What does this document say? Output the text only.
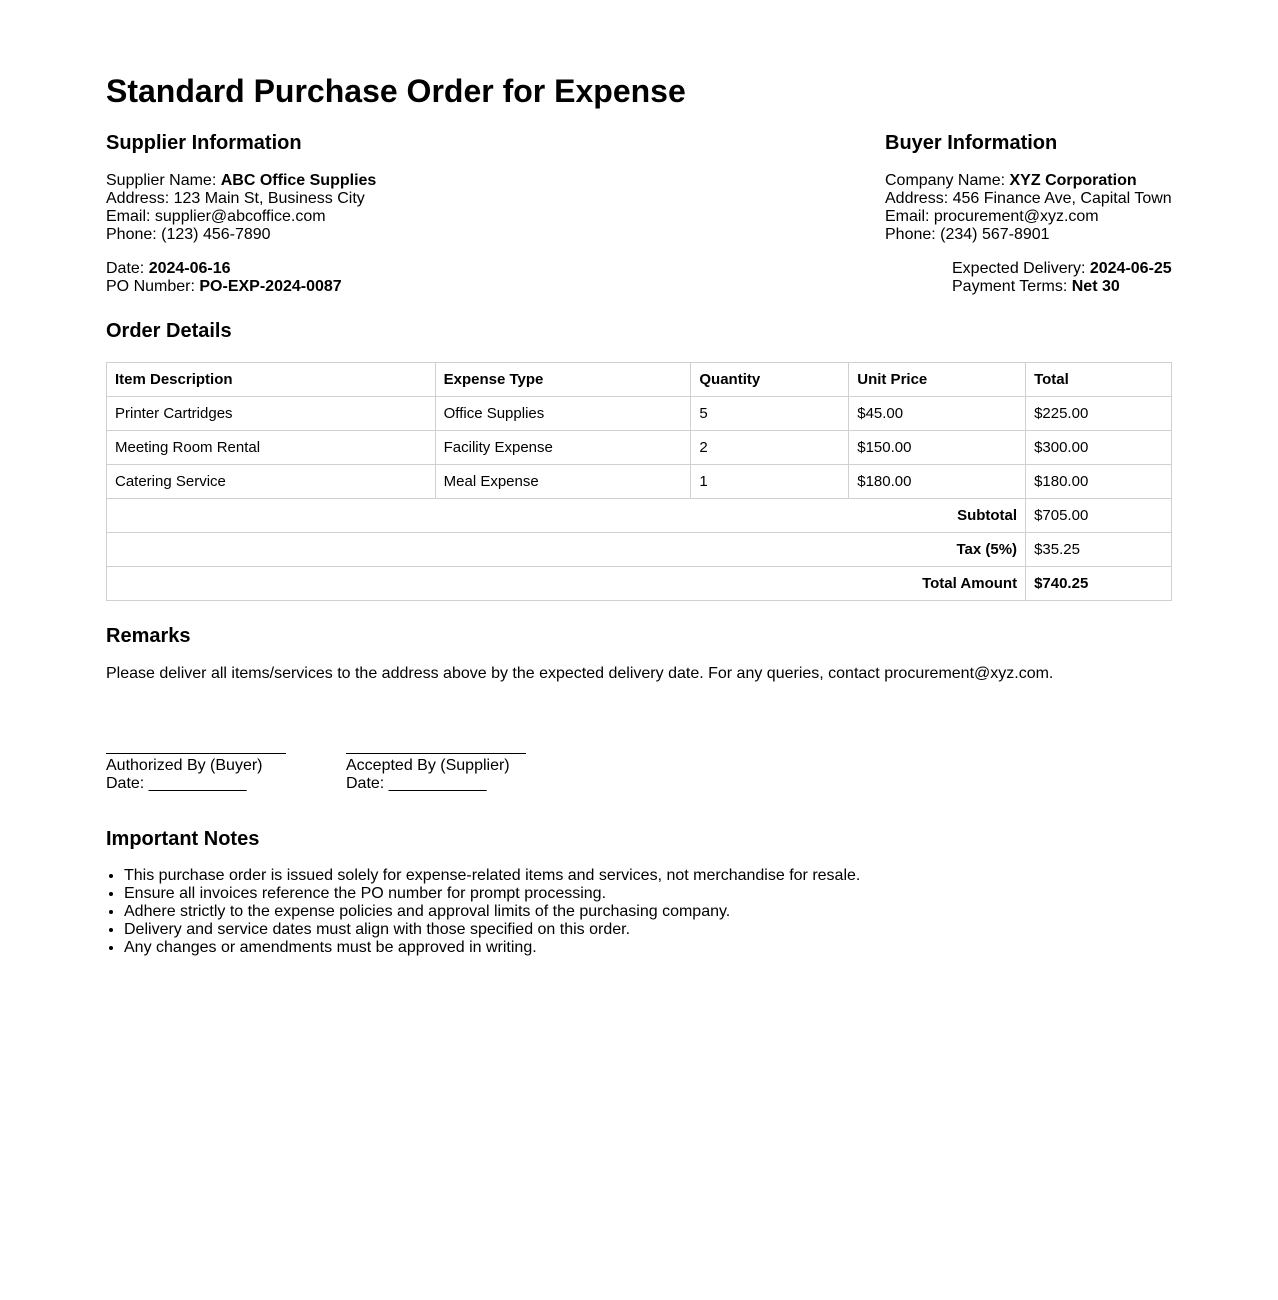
Standard Purchase Order for Expense
Supplier Information
Supplier Name: ABC Office Supplies
Address: 123 Main St, Business City
Email: supplier@abcoffice.com
Phone: (123) 456-7890
Buyer Information
Company Name: XYZ Corporation
Address: 456 Finance Ave, Capital Town
Email: procurement@xyz.com
Phone: (234) 567-8901
Date: 2024-06-16
PO Number: PO-EXP-2024-0087
Expected Delivery: 2024-06-25
Payment Terms: Net 30
Order Details
Item Description	Expense Type	Quantity	Unit Price	Total
Printer Cartridges	Office Supplies	5	$45.00	$225.00
Meeting Room Rental	Facility Expense	2	$150.00	$300.00
Catering Service	Meal Expense	1	$180.00	$180.00
Subtotal				$705.00
Tax (5%)				$35.25
Total Amount				$740.25
Remarks
Please deliver all items/services to the address above by the expected delivery date. For any queries, contact procurement@xyz.com.
Authorized By (Buyer)
Date: ___________
Accepted By (Supplier)
Date: ___________
Important Notes
• This purchase order is issued solely for expense-related items and services, not merchandise for resale.
• Ensure all invoices reference the PO number for prompt processing.
• Adhere strictly to the expense policies and approval limits of the purchasing company.
• Delivery and service dates must align with those specified on this order.
• Any changes or amendments must be approved in writing.
